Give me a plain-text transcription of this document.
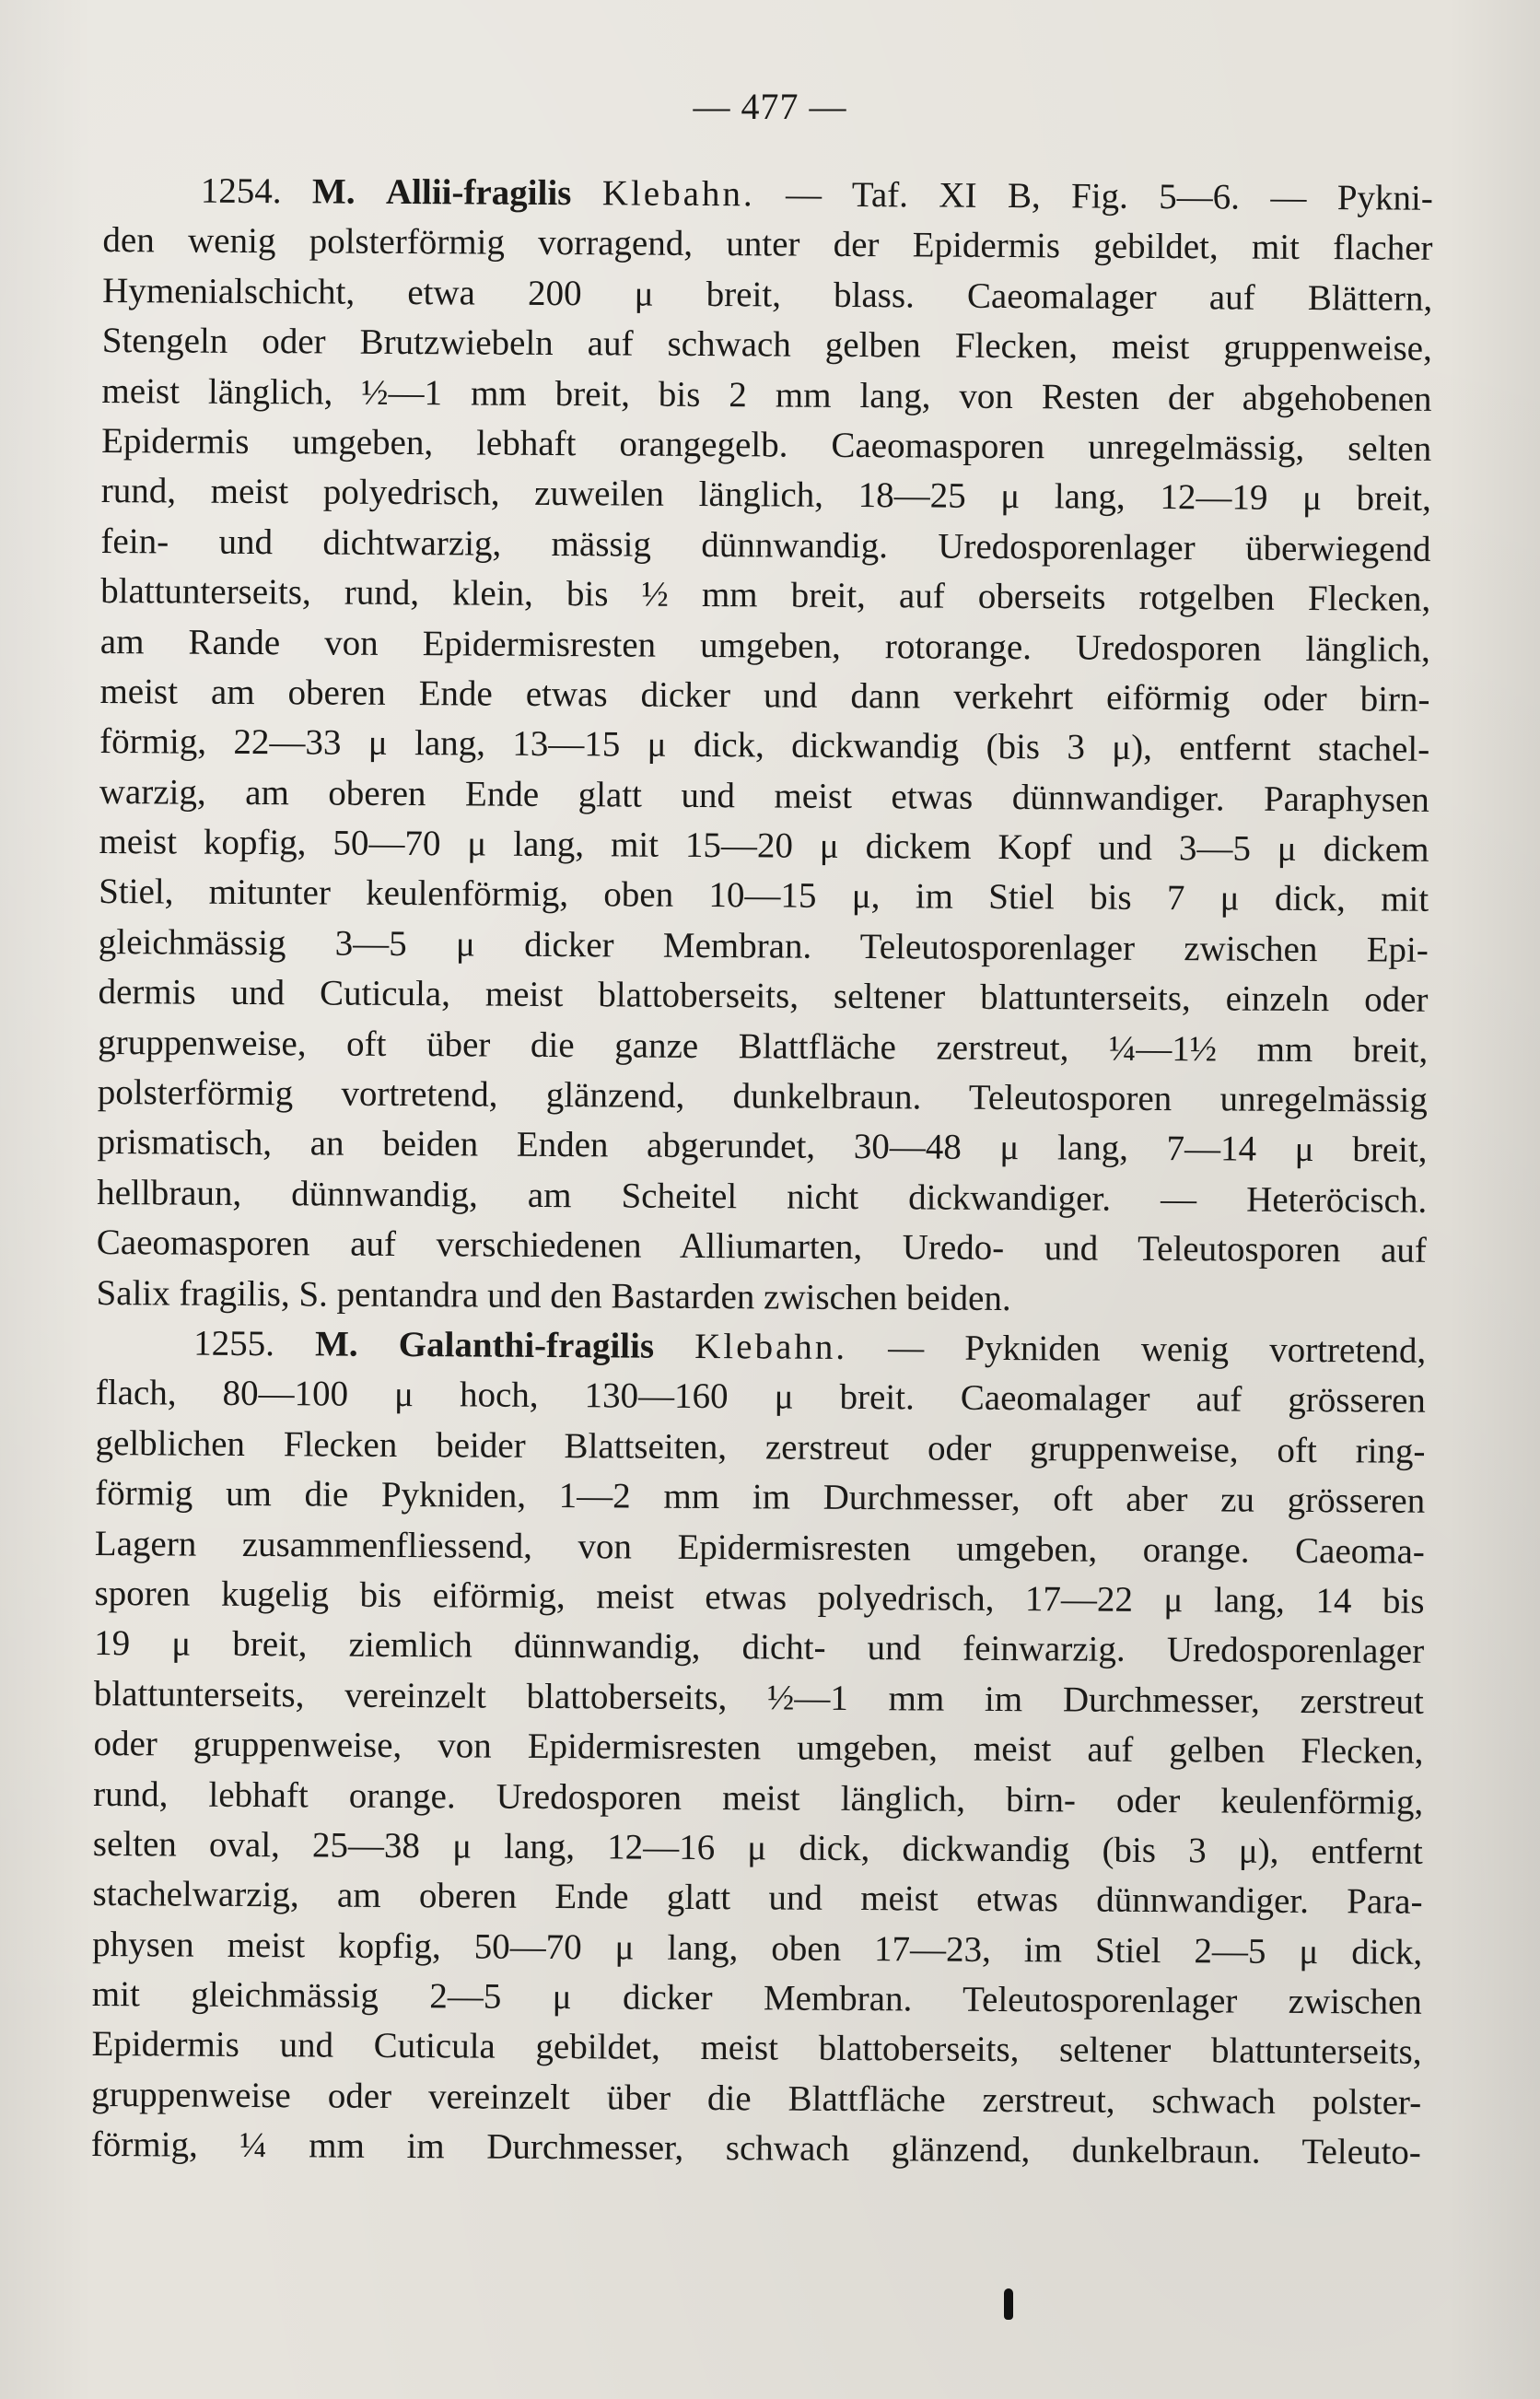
— 477 —
1254. M. Allii-fragilis Klebahn. — Taf. XI B, Fig. 5—6. — Pykni-
den wenig polsterförmig vorragend, unter der Epidermis gebildet, mit flacher
Hymenialschicht, etwa 200 μ breit, blass. Caeomalager auf Blättern,
Stengeln oder Brutzwiebeln auf schwach gelben Flecken, meist gruppenweise,
meist länglich, ½—1 mm breit, bis 2 mm lang, von Resten der abgehobenen
Epidermis umgeben, lebhaft orangegelb. Caeomasporen unregelmässig, selten
rund, meist polyedrisch, zuweilen länglich, 18—25 μ lang, 12—19 μ breit,
fein- und dichtwarzig, mässig dünnwandig. Uredosporenlager überwiegend
blattunterseits, rund, klein, bis ½ mm breit, auf oberseits rotgelben Flecken,
am Rande von Epidermisresten umgeben, rotorange. Uredosporen länglich,
meist am oberen Ende etwas dicker und dann verkehrt eiförmig oder birn-
förmig, 22—33 μ lang, 13—15 μ dick, dickwandig (bis 3 μ), entfernt stachel-
warzig, am oberen Ende glatt und meist etwas dünnwandiger. Paraphysen
meist kopfig, 50—70 μ lang, mit 15—20 μ dickem Kopf und 3—5 μ dickem
Stiel, mitunter keulenförmig, oben 10—15 μ, im Stiel bis 7 μ dick, mit
gleichmässig 3—5 μ dicker Membran. Teleutosporenlager zwischen Epi-
dermis und Cuticula, meist blattoberseits, seltener blattunterseits, einzeln oder
gruppenweise, oft über die ganze Blattfläche zerstreut, ¼—1½ mm breit,
polsterförmig vortretend, glänzend, dunkelbraun. Teleutosporen unregelmässig
prismatisch, an beiden Enden abgerundet, 30—48 μ lang, 7—14 μ breit,
hellbraun, dünnwandig, am Scheitel nicht dickwandiger. — Heteröcisch.
Caeomasporen auf verschiedenen Alliumarten, Uredo- und Teleutosporen auf
Salix fragilis, S. pentandra und den Bastarden zwischen beiden.
1255. M. Galanthi-fragilis Klebahn. — Pykniden wenig vortretend,
flach, 80—100 μ hoch, 130—160 μ breit. Caeomalager auf grösseren
gelblichen Flecken beider Blattseiten, zerstreut oder gruppenweise, oft ring-
förmig um die Pykniden, 1—2 mm im Durchmesser, oft aber zu grösseren
Lagern zusammenfliessend, von Epidermisresten umgeben, orange. Caeoma-
sporen kugelig bis eiförmig, meist etwas polyedrisch, 17—22 μ lang, 14 bis
19 μ breit, ziemlich dünnwandig, dicht- und feinwarzig. Uredosporenlager
blattunterseits, vereinzelt blattoberseits, ½—1 mm im Durchmesser, zerstreut
oder gruppenweise, von Epidermisresten umgeben, meist auf gelben Flecken,
rund, lebhaft orange. Uredosporen meist länglich, birn- oder keulenförmig,
selten oval, 25—38 μ lang, 12—16 μ dick, dickwandig (bis 3 μ), entfernt
stachelwarzig, am oberen Ende glatt und meist etwas dünnwandiger. Para-
physen meist kopfig, 50—70 μ lang, oben 17—23, im Stiel 2—5 μ dick,
mit gleichmässig 2—5 μ dicker Membran. Teleutosporenlager zwischen
Epidermis und Cuticula gebildet, meist blattoberseits, seltener blattunterseits,
gruppenweise oder vereinzelt über die Blattfläche zerstreut, schwach polster-
förmig, ¼ mm im Durchmesser, schwach glänzend, dunkelbraun. Teleuto-
